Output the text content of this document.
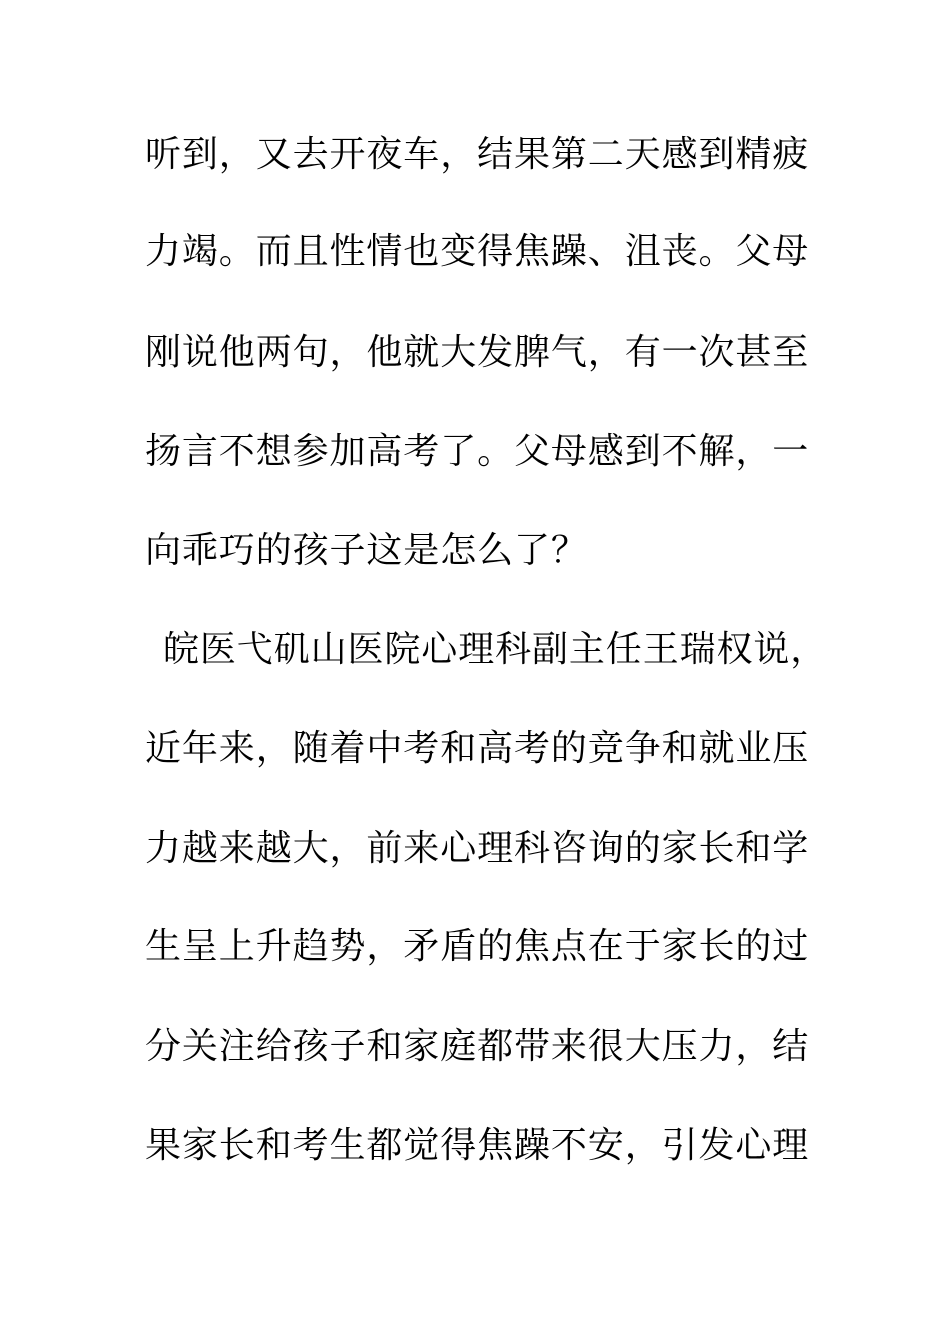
听到，又去开夜车，结果第二天感到精疲
力竭。而且性情也变得焦躁、沮丧。父母
刚说他两句，他就大发脾气，有一次甚至
扬言不想参加高考了。父母感到不解，一
向乖巧的孩子这是怎么了？
皖医弋矶山医院心理科副主任王瑞权说，
近年来，随着中考和高考的竞争和就业压
力越来越大，前来心理科咨询的家长和学
生呈上升趋势，矛盾的焦点在于家长的过
分关注给孩子和家庭都带来很大压力，结
果家长和考生都觉得焦躁不安，引发心理
